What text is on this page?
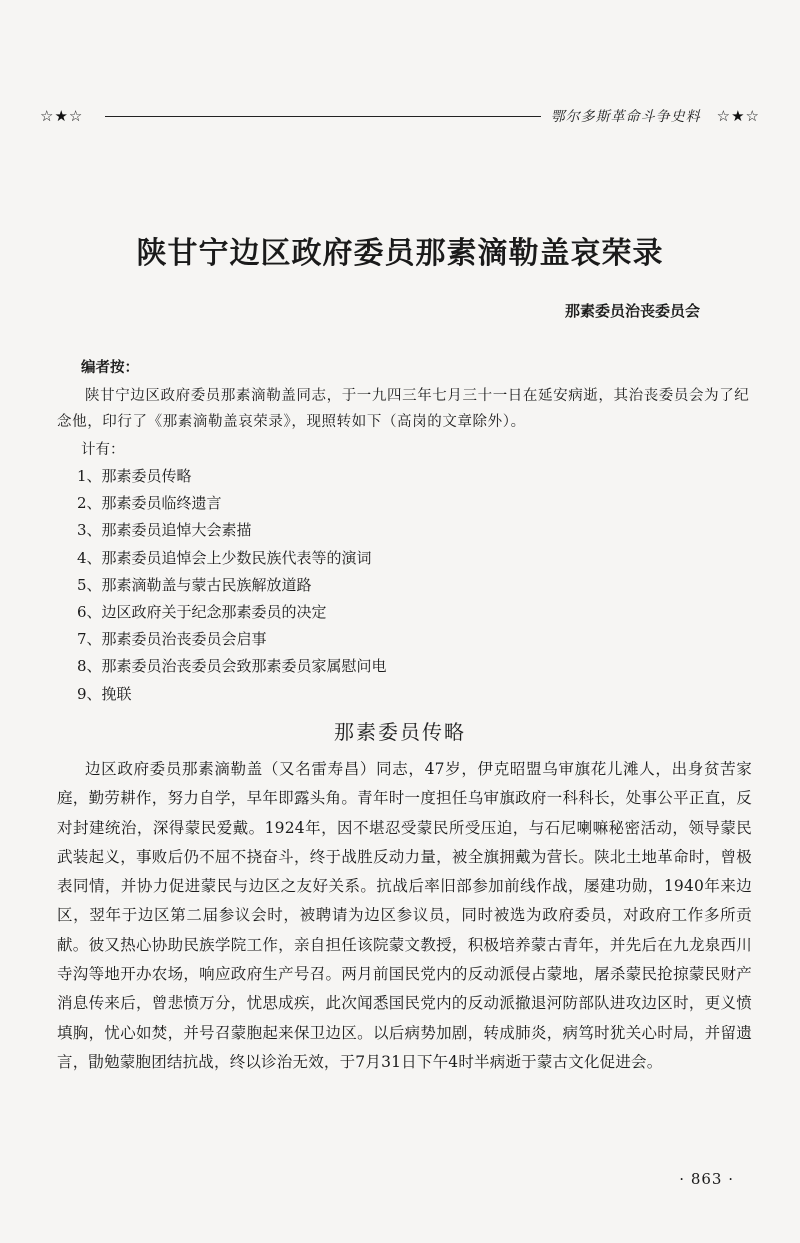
☆★☆	鄂尔多斯革命斗争史料 ☆★☆
陕甘宁边区政府委员那素滴勒盖哀荣录
那素委员治丧委员会

编者按：

陕甘宁边区政府委员那素滴勒盖同志，于一九四三年七月三十一日在延安病逝，其治丧委员会为了纪念他，印行了《那素滴勒盖哀荣录》，现照转如下（高岗的文章除外）。

计有：

1、那素委员传略
2、那素委员临终遗言
3、那素委员追悼大会素描
4、那素委员追悼会上少数民族代表等的演词
5、那素滴勒盖与蒙古民族解放道路
6、边区政府关于纪念那素委员的决定
7、那素委员治丧委员会启事
8、那素委员治丧委员会致那素委员家属慰问电
9、挽联
那素委员传略

边区政府委员那素滴勒盖（又名雷寿昌）同志，47岁，伊克昭盟乌审旗花儿滩人，出身贫苦家庭，勤劳耕作，努力自学，早年即露头角。青年时一度担任乌审旗政府一科科长，处事公平正直，反对封建统治，深得蒙民爱戴。1924年，因不堪忍受蒙民所受压迫，与石尼喇嘛秘密活动，领导蒙民武装起义，事败后仍不屈不挠奋斗，终于战胜反动力量，被全旗拥戴为营长。陕北土地革命时，曾极表同情，并协力促进蒙民与边区之友好关系。抗战后率旧部参加前线作战，屡建功勋，1940年来边区，翌年于边区第二届参议会时，被聘请为边区参议员，同时被选为政府委员，对政府工作多所贡献。彼又热心协助民族学院工作，亲自担任该院蒙文教授，积极培养蒙古青年，并先后在九龙泉西川寺沟等地开办农场，响应政府生产号召。两月前国民党内的反动派侵占蒙地，屠杀蒙民抢掠蒙民财产消息传来后，曾悲愤万分，忧思成疾，此次闻悉国民党内的反动派撤退河防部队进攻边区时，更义愤填胸，忧心如焚，并号召蒙胞起来保卫边区。以后病势加剧，转成肺炎，病笃时犹关心时局，并留遗言，勖勉蒙胞团结抗战，终以诊治无效，于7月31日下午4时半病逝于蒙古文化促进会。

· 863 ·
